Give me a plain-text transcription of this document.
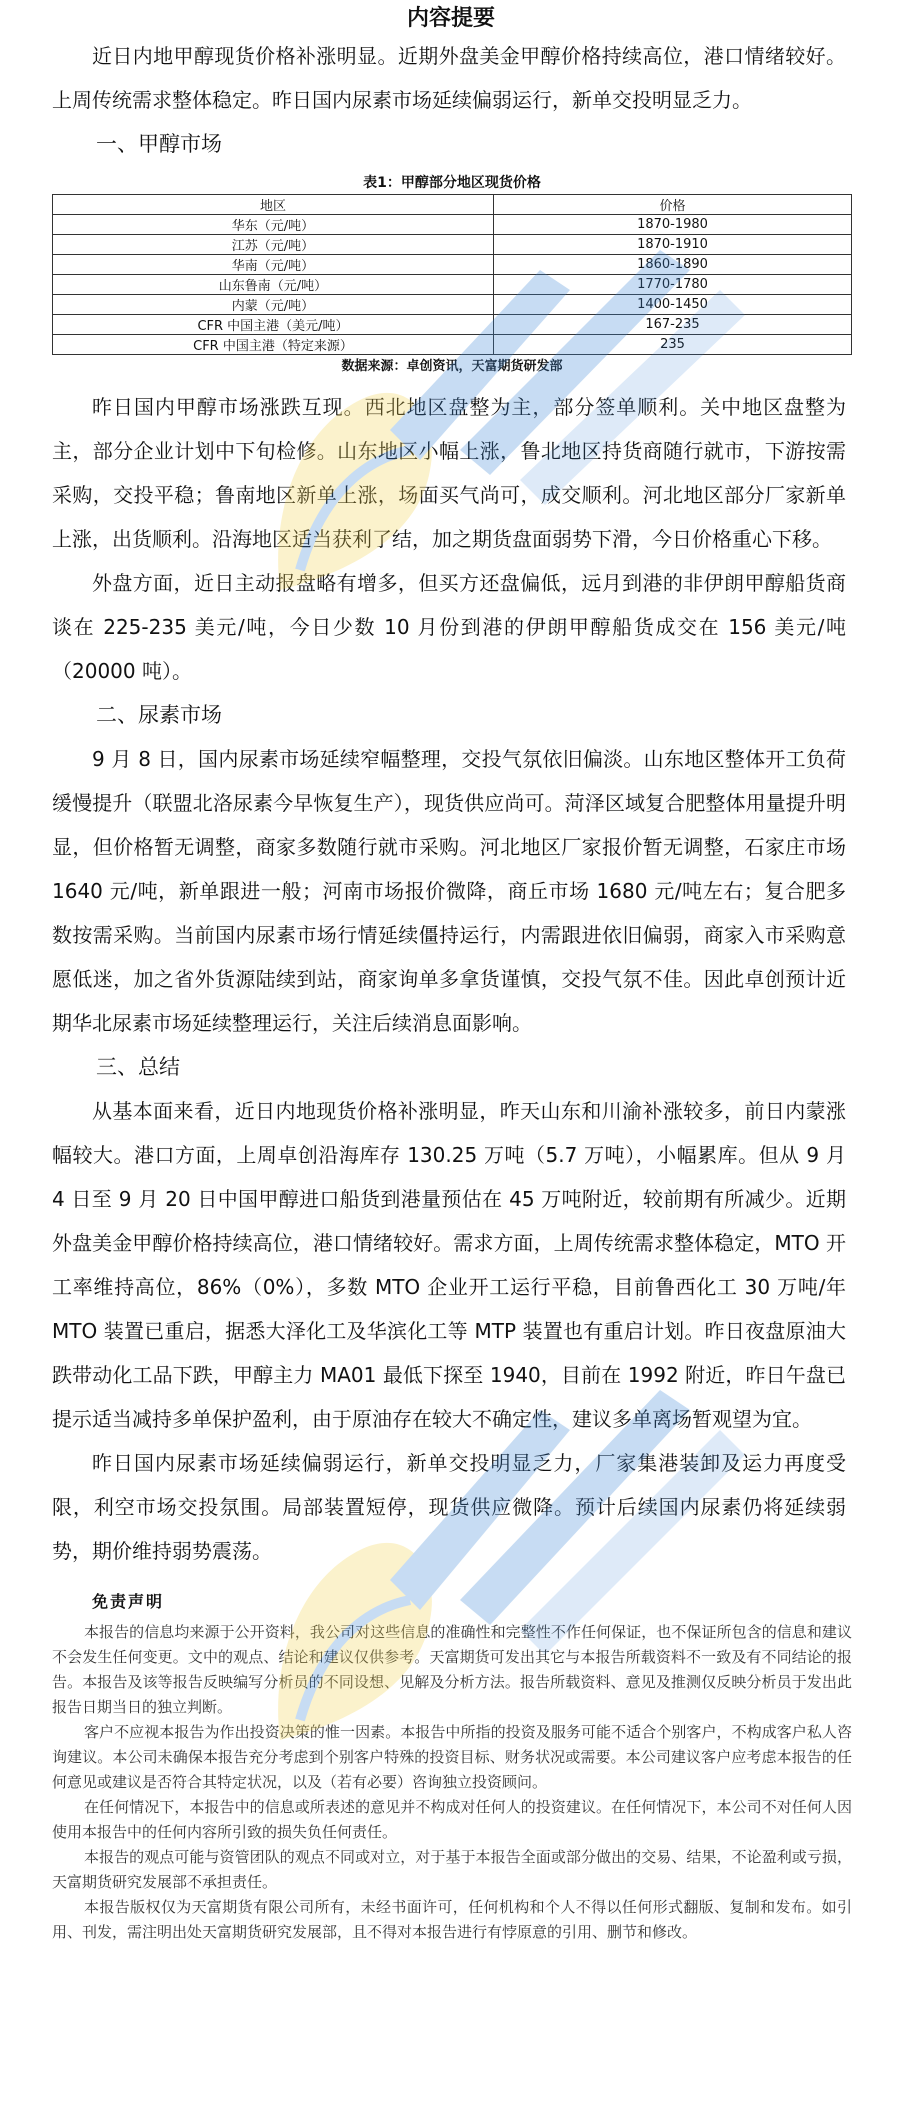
内容提要

近日内地甲醇现货价格补涨明显。近期外盘美金甲醇价格持续高位，港口情绪较好。上周传统需求整体稳定。昨日国内尿素市场延续偏弱运行，新单交投明显乏力。

一、甲醇市场
表1：甲醇部分地区现货价格
地区	价格
华东（元/吨）	1870-1980
江苏（元/吨）	1870-1910
华南（元/吨）	1860-1890
山东鲁南（元/吨）	1770-1780
内蒙（元/吨）	1400-1450
CFR 中国主港（美元/吨）	167-235
CFR 中国主港（特定来源）	235
数据来源：卓创资讯，天富期货研发部

昨日国内甲醇市场涨跌互现。西北地区盘整为主，部分签单顺利。关中地区盘整为主，部分企业计划中下旬检修。山东地区小幅上涨，鲁北地区持货商随行就市，下游按需采购，交投平稳；鲁南地区新单上涨，场面买气尚可，成交顺利。河北地区部分厂家新单上涨，出货顺利。沿海地区适当获利了结，加之期货盘面弱势下滑，今日价格重心下移。

外盘方面，近日主动报盘略有增多，但买方还盘偏低，远月到港的非伊朗甲醇船货商谈在 225-235 美元/吨，今日少数 10 月份到港的伊朗甲醇船货成交在 156 美元/吨（20000 吨）。

二、尿素市场

9 月 8 日，国内尿素市场延续窄幅整理，交投气氛依旧偏淡。山东地区整体开工负荷缓慢提升（联盟北洛尿素今早恢复生产），现货供应尚可。菏泽区域复合肥整体用量提升明显，但价格暂无调整，商家多数随行就市采购。河北地区厂家报价暂无调整，石家庄市场 1640 元/吨，新单跟进一般；河南市场报价微降，商丘市场 1680 元/吨左右；复合肥多数按需采购。当前国内尿素市场行情延续僵持运行，内需跟进依旧偏弱，商家入市采购意愿低迷，加之省外货源陆续到站，商家询单多拿货谨慎，交投气氛不佳。因此卓创预计近期华北尿素市场延续整理运行，关注后续消息面影响。

三、总结

从基本面来看，近日内地现货价格补涨明显，昨天山东和川渝补涨较多，前日内蒙涨幅较大。港口方面，上周卓创沿海库存 130.25 万吨（5.7 万吨），小幅累库。但从 9 月 4 日至 9 月 20 日中国甲醇进口船货到港量预估在 45 万吨附近，较前期有所减少。近期外盘美金甲醇价格持续高位，港口情绪较好。需求方面，上周传统需求整体稳定，MTO 开工率维持高位，86%（0%），多数 MTO 企业开工运行平稳，目前鲁西化工 30 万吨/年 MTO 装置已重启，据悉大泽化工及华滨化工等 MTP 装置也有重启计划。昨日夜盘原油大跌带动化工品下跌，甲醇主力 MA01 最低下探至 1940，目前在 1992 附近，昨日午盘已提示适当减持多单保护盈利，由于原油存在较大不确定性，建议多单离场暂观望为宜。

昨日国内尿素市场延续偏弱运行，新单交投明显乏力，厂家集港装卸及运力再度受限，利空市场交投氛围。局部装置短停，现货供应微降。预计后续国内尿素仍将延续弱势，期价维持弱势震荡。

免责声明

本报告的信息均来源于公开资料，我公司对这些信息的准确性和完整性不作任何保证，也不保证所包含的信息和建议不会发生任何变更。文中的观点、结论和建议仅供参考。天富期货可发出其它与本报告所载资料不一致及有不同结论的报告。本报告及该等报告反映编写分析员的不同设想、见解及分析方法。报告所载资料、意见及推测仅反映分析员于发出此报告日期当日的独立判断。

客户不应视本报告为作出投资决策的惟一因素。本报告中所指的投资及服务可能不适合个别客户，不构成客户私人咨询建议。本公司未确保本报告充分考虑到个别客户特殊的投资目标、财务状况或需要。本公司建议客户应考虑本报告的任何意见或建议是否符合其特定状况，以及（若有必要）咨询独立投资顾问。

在任何情况下，本报告中的信息或所表述的意见并不构成对任何人的投资建议。在任何情况下，本公司不对任何人因使用本报告中的任何内容所引致的损失负任何责任。

本报告的观点可能与资管团队的观点不同或对立，对于基于本报告全面或部分做出的交易、结果，不论盈利或亏损，天富期货研究发展部不承担责任。

本报告版权仅为天富期货有限公司所有，未经书面许可，任何机构和个人不得以任何形式翻版、复制和发布。如引用、刊发，需注明出处天富期货研究发展部，且不得对本报告进行有悖原意的引用、删节和修改。
